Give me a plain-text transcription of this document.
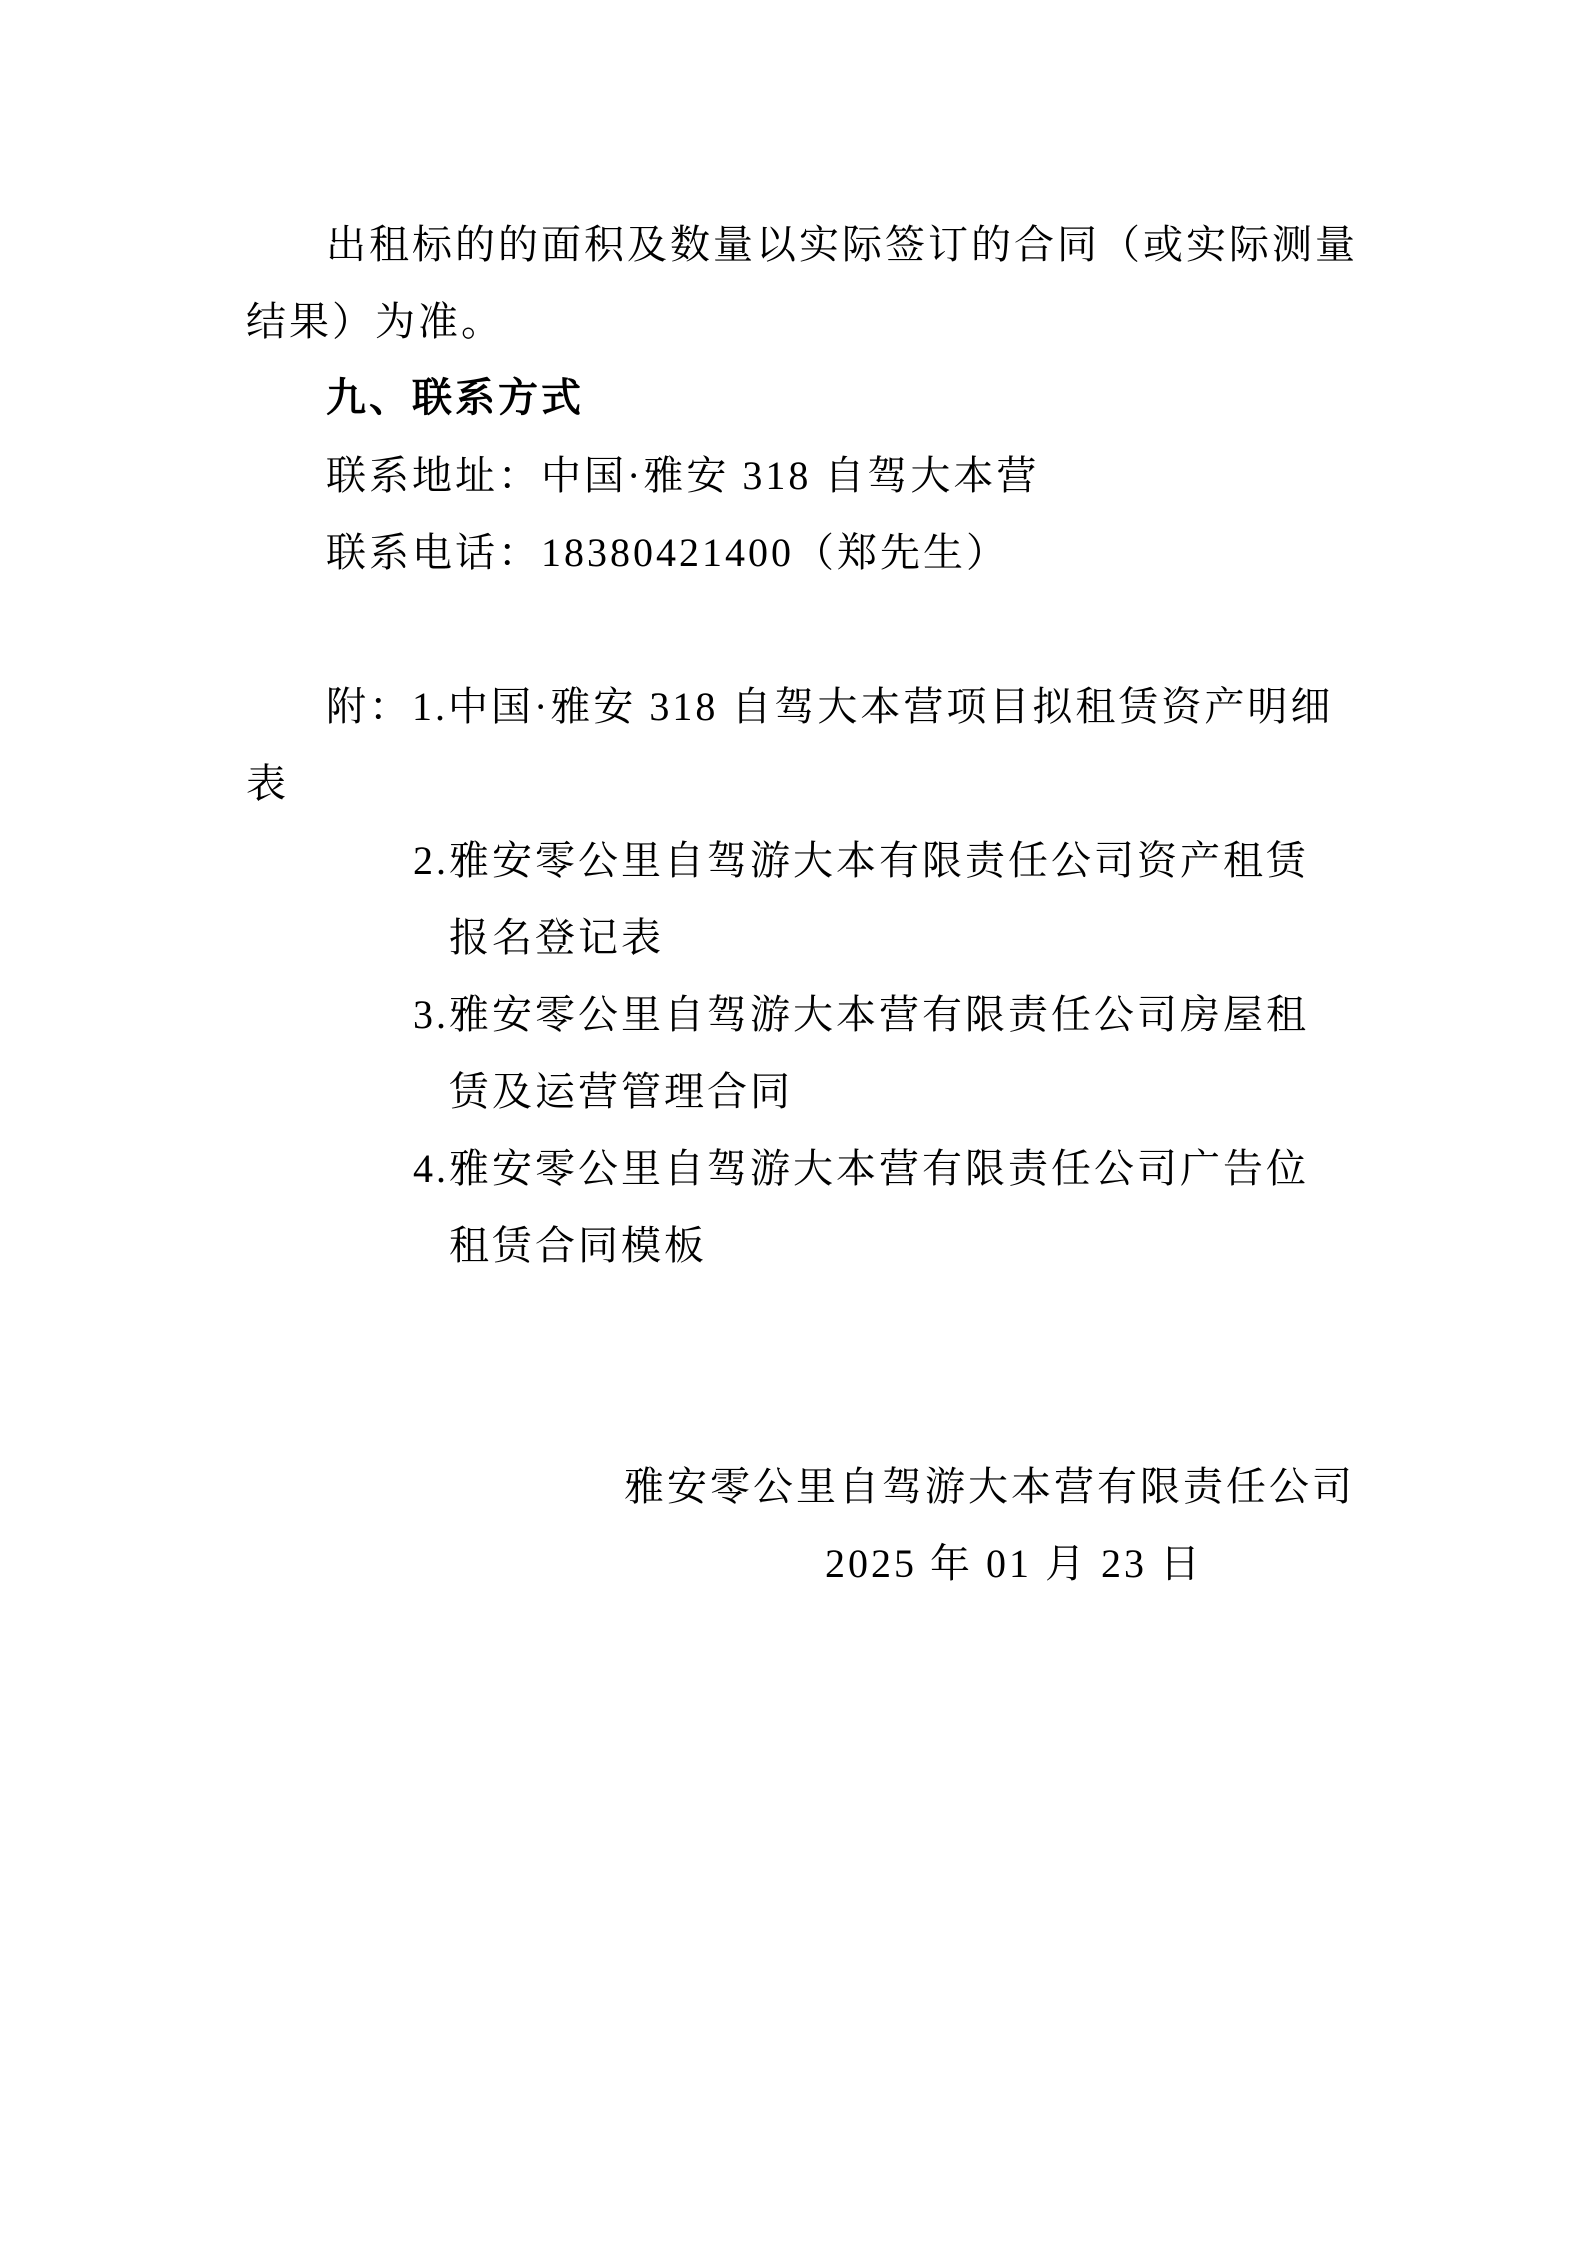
出租标的的面积及数量以实际签订的合同（或实际测量
结果）为准。
九、联系方式
联系地址：中国·雅安 318 自驾大本营
联系电话：18380421400（郑先生）
附：1.中国·雅安 318 自驾大本营项目拟租赁资产明细
表
2.雅安零公里自驾游大本有限责任公司资产租赁
报名登记表
3.雅安零公里自驾游大本营有限责任公司房屋租
赁及运营管理合同
4.雅安零公里自驾游大本营有限责任公司广告位
租赁合同模板
雅安零公里自驾游大本营有限责任公司
2025 年 01 月 23 日
